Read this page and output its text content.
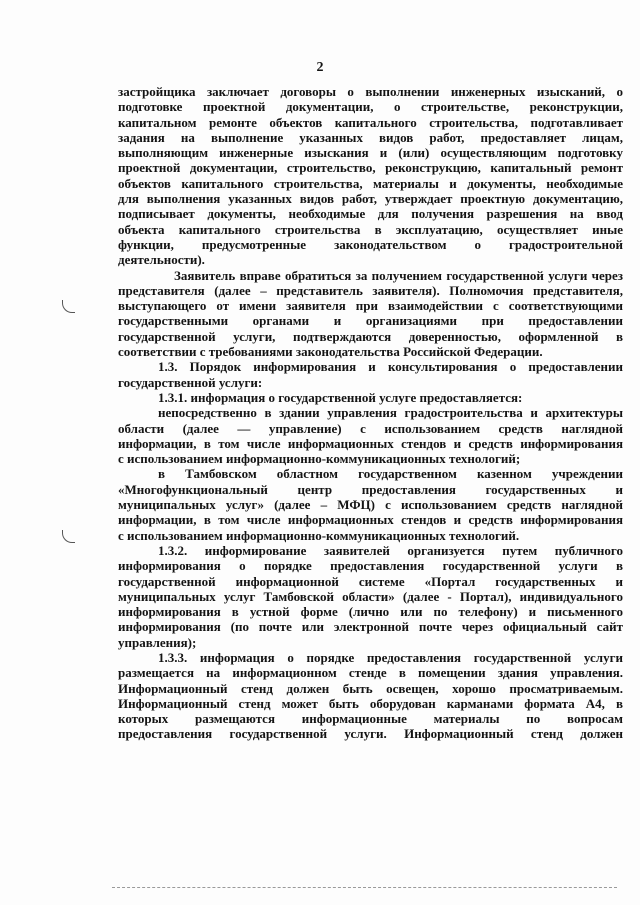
2
застройщика заключает договоры о выполнении инженерных изысканий, о
подготовке проектной документации, о строительстве, реконструкции,
капитальном ремонте объектов капитального строительства, подготавливает
задания на выполнение указанных видов работ, предоставляет лицам,
выполняющим инженерные изыскания и (или) осуществляющим подготовку
проектной документации, строительство, реконструкцию, капитальный ремонт
объектов капитального строительства, материалы и документы, необходимые
для выполнения указанных видов работ, утверждает проектную документацию,
подписывает документы, необходимые для получения разрешения на ввод
объекта капитального строительства в эксплуатацию, осуществляет иные
функции, предусмотренные законодательством о градостроительной
деятельности).
Заявитель вправе обратиться за получением государственной услуги через
представителя (далее – представитель заявителя). Полномочия представителя,
выступающего от имени заявителя при взаимодействии с соответствующими
государственными органами и организациями при предоставлении
государственной услуги, подтверждаются доверенностью, оформленной в
соответствии с требованиями законодательства Российской Федерации.
1.3. Порядок информирования и консультирования о предоставлении
государственной услуги:
1.3.1. информация о государственной услуге предоставляется:
непосредственно в здании управления градостроительства и архитектуры
области (далее — управление) с использованием средств наглядной
информации, в том числе информационных стендов и средств информирования
с использованием информационно-коммуникационных технологий;
в Тамбовском областном государственном казенном учреждении
«Многофункциональный центр предоставления государственных и
муниципальных услуг» (далее – МФЦ) с использованием средств наглядной
информации, в том числе информационных стендов и средств информирования
с использованием информационно-коммуникационных технологий.
1.3.2. информирование заявителей организуется путем публичного
информирования о порядке предоставления государственной услуги в
государственной информационной системе «Портал государственных и
муниципальных услуг Тамбовской области» (далее - Портал), индивидуального
информирования в устной форме (лично или по телефону) и письменного
информирования (по почте или электронной почте через официальный сайт
управления);
1.3.3. информация о порядке предоставления государственной услуги
размещается на информационном стенде в помещении здания управления.
Информационный стенд должен быть освещен, хорошо просматриваемым.
Информационный стенд может быть оборудован карманами формата А4, в
которых размещаются информационные материалы по вопросам
предоставления государственной услуги. Информационный стенд должен
